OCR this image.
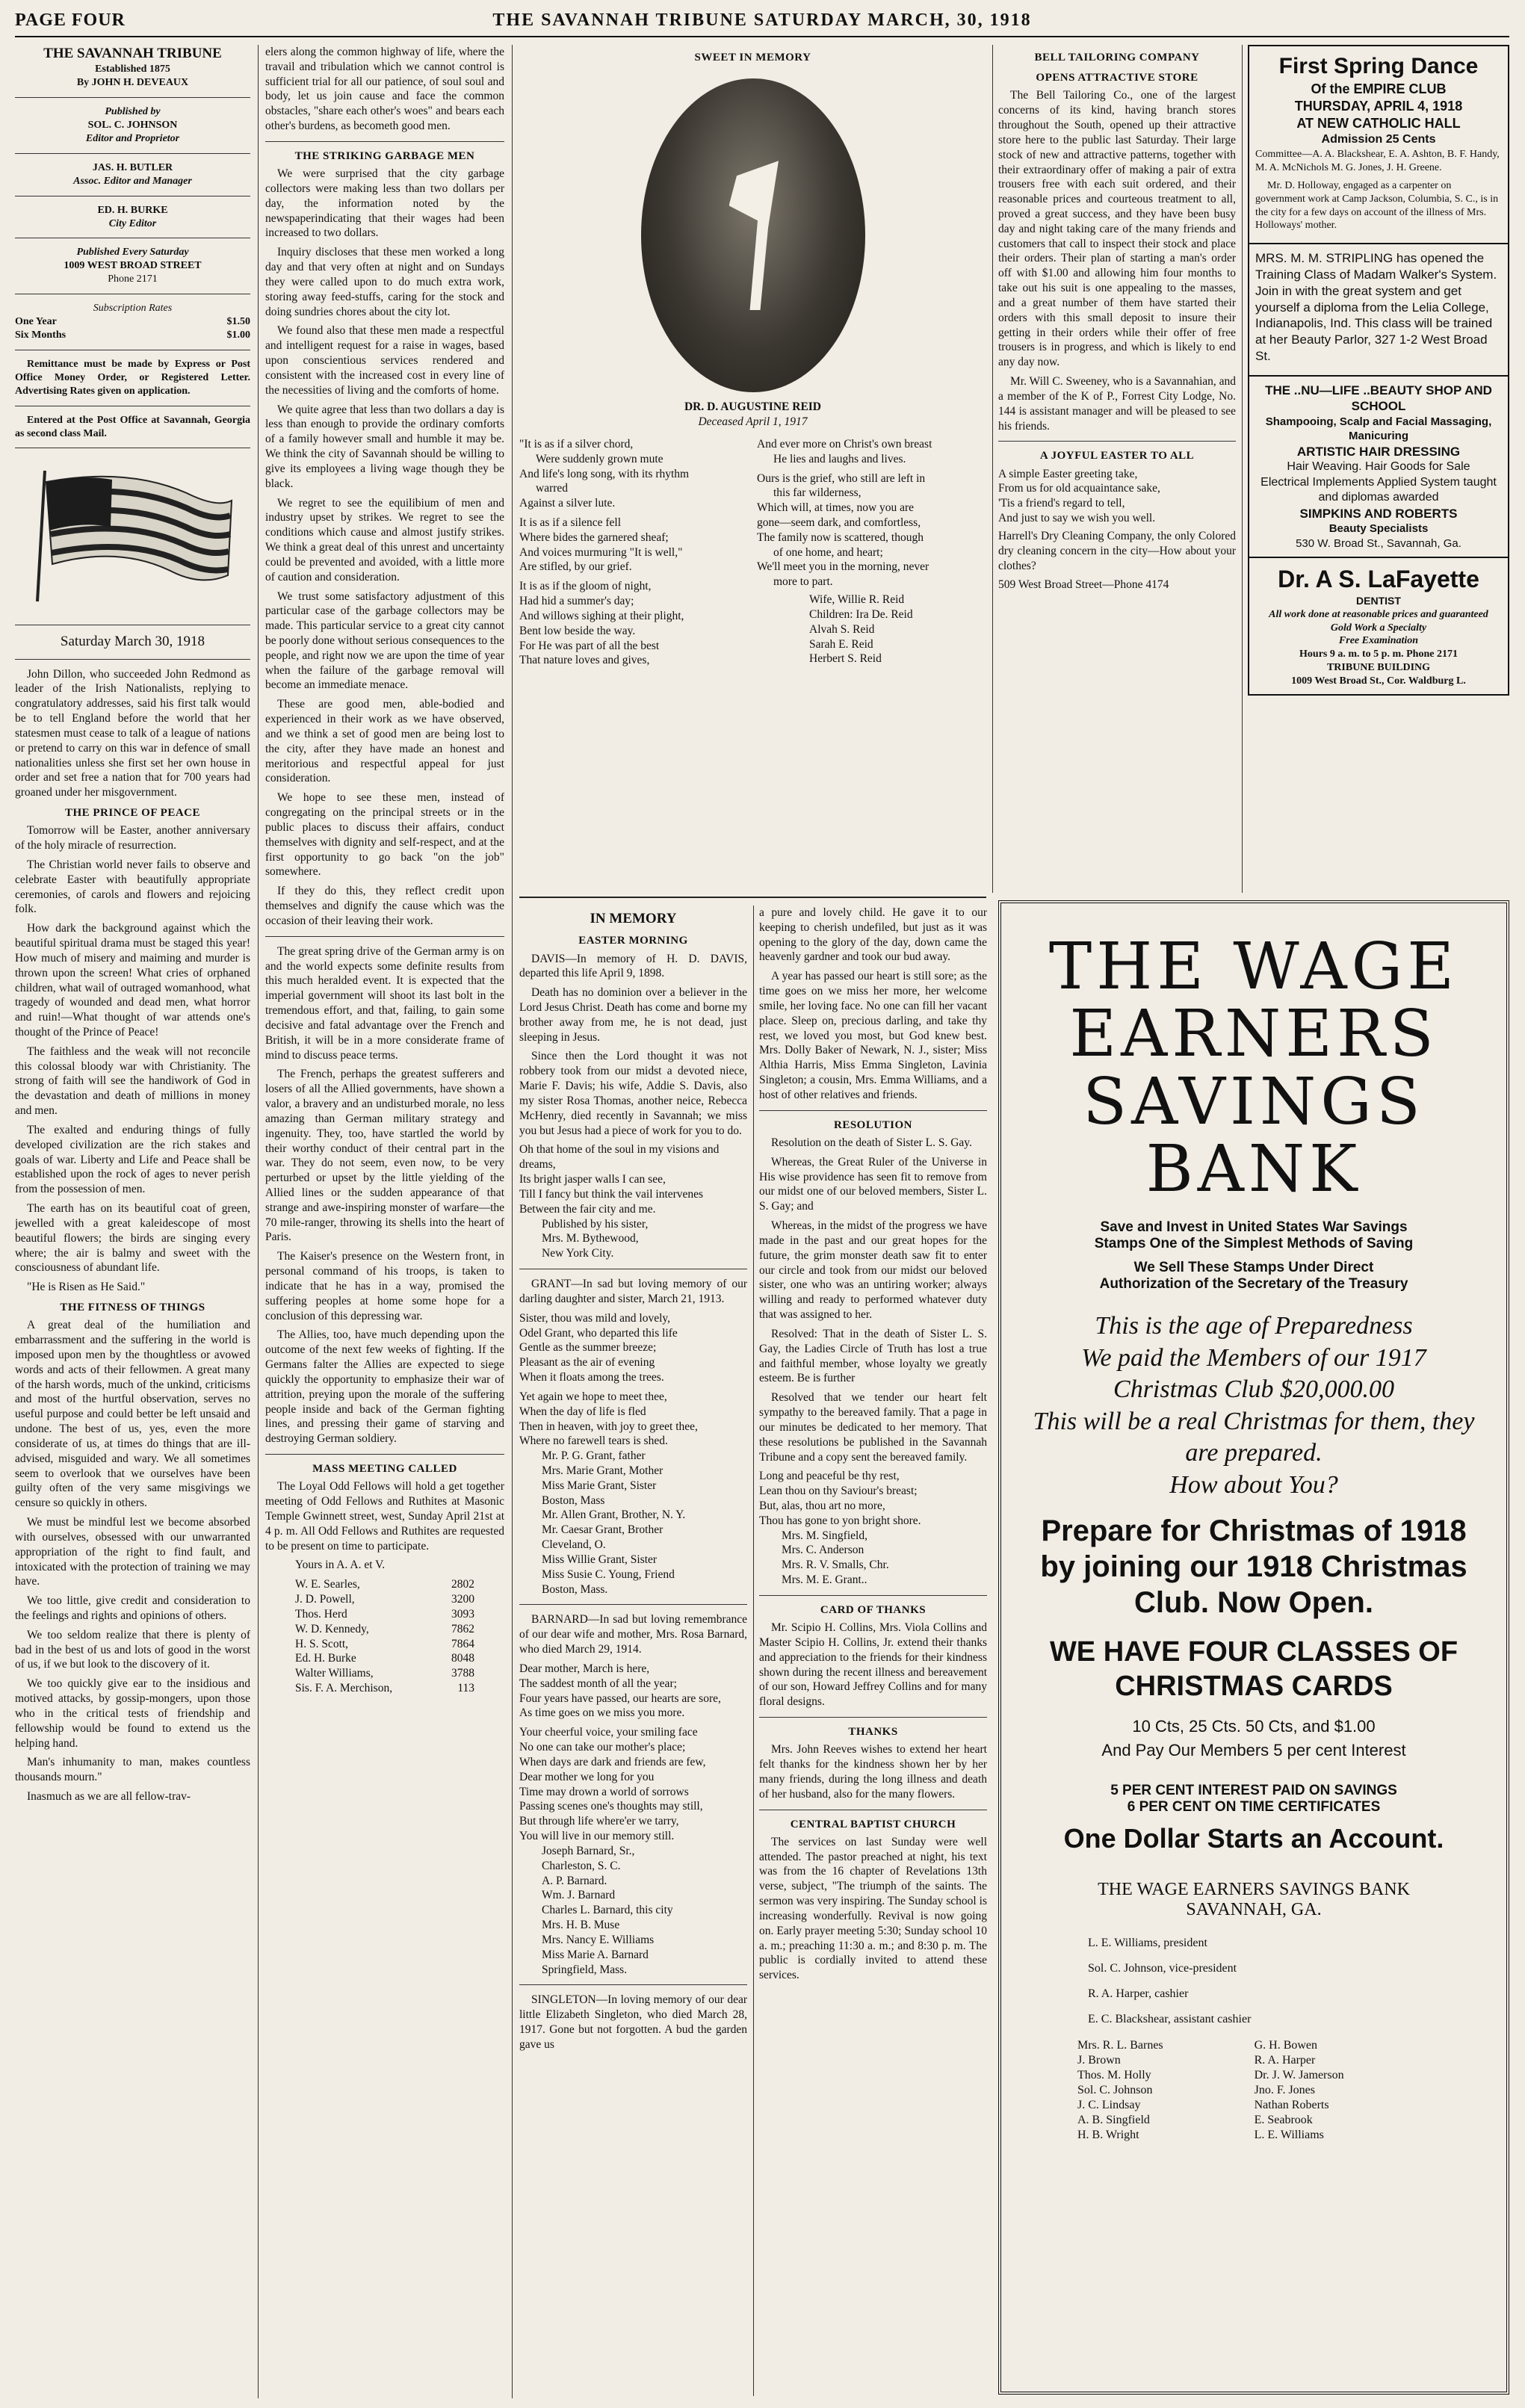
PAGE FOUR	THE SAVANNAH TRIBUNE SATURDAY MARCH, 30, 1918
THE SAVANNAH TRIBUNE
Established 1875
By JOHN H. DEVEAUX
Published by
SOL. C. JOHNSON
Editor and Proprietor
JAS. H. BUTLER
Assoc. Editor and Manager
ED. H. BURKE
City Editor
Published Every Saturday
1009 WEST BROAD STREET
Phone 2171
Subscription Rates
One Year	$1.50
Six Months	$1.00
Remittance must be made by Express or Post Office Money Order, or Registered Letter. Advertising Rates given on application.
Entered at the Post Office at Savannah, Georgia as second class Mail.
Saturday March 30, 1918

John Dillon, who succeeded John Redmond as leader of the Irish Nationalists, replying to congratulatory addresses, said his first talk would be to tell England before the world that her statesmen must cease to talk of a league of nations or pretend to carry on this war in defence of small nationalities unless she first set her own house in order and set free a nation that for 700 years had groaned under her misgovernment.

THE PRINCE OF PEACE

Tomorrow will be Easter, another anniversary of the holy miracle of resurrection.

The Christian world never fails to observe and celebrate Easter with beautifully appropriate ceremonies, of carols and flowers and rejoicing folk.

How dark the background against which the beautiful spiritual drama must be staged this year! How much of misery and maiming and murder is thrown upon the screen! What cries of orphaned children, what wail of outraged womanhood, what tragedy of wounded and dead men, what horror and ruin!—What thought of war attends one's thought of the Prince of Peace!

The faithless and the weak will not reconcile this colossal bloody war with Christianity. The strong of faith will see the handiwork of God in the devastation and death of millions in money and men.

The exalted and enduring things of fully developed civilization are the rich stakes and goals of war. Liberty and Life and Peace shall be established upon the rock of ages to never perish from the possession of men.

The earth has on its beautiful coat of green, jewelled with a great kaleidescope of most beautiful flowers; the birds are singing every where; the air is balmy and sweet with the consciousness of abundant life.

"He is Risen as He Said."

THE FITNESS OF THINGS

A great deal of the humiliation and embarrassment and the suffering in the world is imposed upon men by the thoughtless or avowed words and acts of their fellowmen. A great many of the harsh words, much of the unkind, criticisms and most of the hurtful observation, serves no useful purpose and could better be left unsaid and undone. The best of us, yes, even the more considerate of us, at times do things that are ill-advised, misguided and wary. We all sometimes seem to overlook that we ourselves have been guilty often of the very same misgivings we censure so quickly in others.

We must be mindful lest we become absorbed with ourselves, obsessed with our unwarranted appropriation of the right to find fault, and intoxicated with the protection of training we may have.

We too little, give credit and consideration to the feelings and rights and opinions of others.

We too seldom realize that there is plenty of bad in the best of us and lots of good in the worst of us, if we but look to the discovery of it.

We too quickly give ear to the insidious and motived attacks, by gossip-mongers, upon those who in the critical tests of friendship and fellowship would be found to extend us the helping hand.

Man's inhumanity to man, makes countless thousands mourn."

Inasmuch as we are all fellow-trav-

elers along the common highway of life, where the travail and tribulation which we cannot control is sufficient trial for all our patience, of soul soul and body, let us join cause and face the common obstacles, "share each other's woes" and bears each other's burdens, as becometh good men.

THE STRIKING GARBAGE MEN

We were surprised that the city garbage collectors were making less than two dollars per day, the information noted by the newspaperindicating that their wages had been increased to two dollars.

Inquiry discloses that these men worked a long day and that very often at night and on Sundays they were called upon to do much extra work, storing away feed-stuffs, caring for the stock and doing sundries chores about the city lot.

We found also that these men made a respectful and intelligent request for a raise in wages, based upon conscientious services rendered and consistent with the increased cost in every line of the necessities of living and the comforts of home.

We quite agree that less than two dollars a day is less than enough to provide the ordinary comforts of a family however small and humble it may be. We think the city of Savannah should be willing to give its employees a living wage though they be black.

We regret to see the equilibium of men and industry upset by strikes. We regret to see the conditions which cause and almost justify strikes. We think a great deal of this unrest and uncertainty could be prevented and avoided, with a little more of caution and consideration.

We trust some satisfactory adjustment of this particular case of the garbage collectors may be made. This particular service to a great city cannot be poorly done without serious consequences to the people, and right now we are upon the time of year when the failure of the garbage removal will become an immediate menace.

These are good men, able-bodied and experienced in their work as we have observed, and we think a set of good men are being lost to the city, after they have made an honest and meritorious and respectful appeal for just consideration.

We hope to see these men, instead of congregating on the principal streets or in the public places to discuss their affairs, conduct themselves with dignity and self-respect, and at the first opportunity to go back "on the job" somewhere.

If they do this, they reflect credit upon themselves and dignify the cause which was the occasion of their leaving their work.

The great spring drive of the German army is on and the world expects some definite results from this much heralded event. It is expected that the imperial government will shoot its last bolt in the tremendous effort, and that, failing, to gain some decisive and fatal advantage over the French and British, it will be in a more considerate frame of mind to discuss peace terms.

The French, perhaps the greatest sufferers and losers of all the Allied governments, have shown a valor, a bravery and an undisturbed morale, no less amazing than German military strategy and ingenuity. They, too, have startled the world by their worthy conduct of their central part in the war. They do not seem, even now, to be very perturbed or upset by the little yielding of the Allied lines or the sudden appearance of that strange and awe-inspiring monster of warfare—the 70 mile-ranger, throwing its shells into the heart of Paris.

The Kaiser's presence on the Western front, in personal command of his troops, is taken to indicate that he has in a way, promised the suffering peoples at home some hope for a conclusion of this depressing war.

The Allies, too, have much depending upon the outcome of the next few weeks of fighting. If the Germans falter the Allies are expected to siege quickly the opportunity to emphasize their war of attrition, preying upon the morale of the suffering people inside and back of the German fighting lines, and pressing their game of starving and destroying German soldiery.

MASS MEETING CALLED

The Loyal Odd Fellows will hold a get together meeting of Odd Fellows and Ruthites at Masonic Temple Gwinnett street, west, Sunday April 21st at 4 p. m. All Odd Fellows and Ruthites are requested to be present on time to participate.

Yours in A. A. et V.

W. E. Searles,	2802
J. D. Powell,	3200
Thos. Herd	3093
W. D. Kennedy,	7862
H. S. Scott,	7864
Ed. H. Burke	8048
Walter Williams,	3788
Sis. F. A. Merchison,	113
SWEET IN MEMORY
DR. D. AUGUSTINE REID
Deceased April 1, 1917

"It is as if a silver chord,

Were suddenly grown mute

And life's long song, with its rhythm

warred

Against a silver lute.

It is as if a silence fell

Where bides the garnered sheaf;

And voices murmuring "It is well,"

Are stifled, by our grief.

It is as if the gloom of night,

Had hid a summer's day;

And willows sighing at their plight,

Bent low beside the way.

For He was part of all the best

That nature loves and gives,

And ever more on Christ's own breast

He lies and laughs and lives.

Ours is the grief, who still are left in

this far wilderness,

Which will, at times, now you are

gone—seem dark, and comfortless,

The family now is scattered, though

of one home, and heart;

We'll meet you in the morning, never

more to part.

Wife, Willie R. Reid

Children: Ira De. Reid

Alvah S. Reid

Sarah E. Reid

Herbert S. Reid

IN MEMORY
EASTER MORNING

DAVIS—In memory of H. D. DAVIS, departed this life April 9, 1898.

Death has no dominion over a believer in the Lord Jesus Christ. Death has come and borne my brother away from me, he is not dead, just sleeping in Jesus.

Since then the Lord thought it was not robbery took from our midst a devoted niece, Marie F. Davis; his wife, Addie S. Davis, also my sister Rosa Thomas, another neice, Rebecca McHenry, died recently in Savannah; we miss you but Jesus had a piece of work for you to do.

Oh that home of the soul in my visions and dreams,

Its bright jasper walls I can see,

Till I fancy but think the vail intervenes

Between the fair city and me.

Published by his sister,

Mrs. M. Bythewood,

New York City.

GRANT—In sad but loving memory of our darling daughter and sister, March 21, 1913.

Sister, thou was mild and lovely,

Odel Grant, who departed this life

Gentle as the summer breeze;

Pleasant as the air of evening

When it floats among the trees.

Yet again we hope to meet thee,

When the day of life is fled

Then in heaven, with joy to greet thee,

Where no farewell tears is shed.

Mr. P. G. Grant, father

Mrs. Marie Grant, Mother

Miss Marie Grant, Sister

Boston, Mass

Mr. Allen Grant, Brother, N. Y.

Mr. Caesar Grant, Brother

Cleveland, O.

Miss Willie Grant, Sister

Miss Susie C. Young, Friend

Boston, Mass.

BARNARD—In sad but loving remembrance of our dear wife and mother, Mrs. Rosa Barnard, who died March 29, 1914.

Dear mother, March is here,

The saddest month of all the year;

Four years have passed, our hearts are sore,

As time goes on we miss you more.

Your cheerful voice, your smiling face

No one can take our mother's place;

When days are dark and friends are few,

Dear mother we long for you

Time may drown a world of sorrows

Passing scenes one's thoughts may still,

But through life where'er we tarry,

You will live in our memory still.

Joseph Barnard, Sr.,

Charleston, S. C.

A. P. Barnard.

Wm. J. Barnard

Charles L. Barnard, this city

Mrs. H. B. Muse

Mrs. Nancy E. Williams

Miss Marie A. Barnard

Springfield, Mass.

SINGLETON—In loving memory of our dear little Elizabeth Singleton, who died March 28, 1917. Gone but not forgotten. A bud the garden gave us

a pure and lovely child. He gave it to our keeping to cherish undefiled, but just as it was opening to the glory of the day, down came the heavenly gardner and took our bud away.

A year has passed our heart is still sore; as the time goes on we miss her more, her welcome smile, her loving face. No one can fill her vacant place. Sleep on, precious darling, and take thy rest, we loved you most, but God knew best. Mrs. Dolly Baker of Newark, N. J., sister; Miss Althia Harris, Miss Emma Singleton, Lavinia Singleton; a cousin, Mrs. Emma Williams, and a host of other relatives and friends.

RESOLUTION

Resolution on the death of Sister L. S. Gay.

Whereas, the Great Ruler of the Universe in His wise providence has seen fit to remove from our midst one of our beloved members, Sister L. S. Gay; and

Whereas, in the midst of the progress we have made in the past and our great hopes for the future, the grim monster death saw fit to enter our circle and took from our midst our beloved sister, one who was an untiring worker; always willing and ready to performed whatever duty that was assigned to her.

Resolved: That in the death of Sister L. S. Gay, the Ladies Circle of Truth has lost a true and faithful member, whose loyalty we greatly esteem. Be is further

Resolved that we tender our heart felt sympathy to the bereaved family. That a page in our minutes be dedicated to her memory. That these resolutions be published in the Savannah Tribune and a copy sent the bereaved family.

Long and peaceful be thy rest,

Lean thou on thy Saviour's breast;

But, alas, thou art no more,

Thou has gone to yon bright shore.

Mrs. M. Singfield,

Mrs. C. Anderson

Mrs. R. V. Smalls, Chr.

Mrs. M. E. Grant..

CARD OF THANKS

Mr. Scipio H. Collins, Mrs. Viola Collins and Master Scipio H. Collins, Jr. extend their thanks and appreciation to the friends for their kindness shown during the recent illness and bereavement of our son, Howard Jeffrey Collins and for many floral designs.

THANKS

Mrs. John Reeves wishes to extend her heart felt thanks for the kindness shown her by her many friends, during the long illness and death of her husband, also for the many flowers.

CENTRAL BAPTIST CHURCH

The services on last Sunday were well attended. The pastor preached at night, his text was from the 16 chapter of Revelations 13th verse, subject, "The triumph of the saints. The sermon was very inspiring. The Sunday school is increasing wonderfully. Revival is now going on. Early prayer meeting 5:30; Sunday school 10 a. m.; preaching 11:30 a. m.; and 8:30 p. m. The public is cordially invited to attend these services.

BELL TAILORING COMPANY
OPENS ATTRACTIVE STORE

The Bell Tailoring Co., one of the largest concerns of its kind, having branch stores throughout the South, opened up their attractive store here to the public last Saturday. Their large stock of new and attractive patterns, together with their extraordinary offer of making a pair of extra trousers free with each suit ordered, and their reasonable prices and courteous treatment to all, proved a great success, and they have been busy day and night taking care of the many friends and customers that call to inspect their stock and place their orders. Their plan of starting a man's order off with $1.00 and allowing him four months to take out his suit is one appealing to the masses, and a great number of them have started their orders with this small deposit to insure their getting in their orders while their offer of free trousers is in progress, and which is likely to end any day now.

Mr. Will C. Sweeney, who is a Savannahian, and a member of the K of P., Forrest City Lodge, No. 144 is assistant manager and will be pleased to see his friends.

A JOYFUL EASTER TO ALL

A simple Easter greeting take,

From us for old acquaintance sake,

'Tis a friend's regard to tell,

And just to say we wish you well.

Harrell's Dry Cleaning Company, the only Colored dry cleaning concern in the city—How about your clothes?

509 West Broad Street—Phone 4174

First Spring Dance
Of the EMPIRE CLUB
THURSDAY, APRIL 4, 1918
AT NEW CATHOLIC HALL
Admission 25 Cents

Committee—A. A. Blackshear, E. A. Ashton, B. F. Handy, M. A. McNichols M. G. Jones, J. H. Greene.

Mr. D. Holloway, engaged as a carpenter on government work at Camp Jackson, Columbia, S. C., is in the city for a few days on account of the illness of Mrs. Holloways' mother.

MRS. M. M. STRIPLING has opened the Training Class of Madam Walker's System. Join in with the great system and get yourself a diploma from the Lelia College, Indianapolis, Ind. This class will be trained at her Beauty Parlor, 327 1-2 West Broad St.

THE ..NU—LIFE ..BEAUTY SHOP AND SCHOOL
Shampooing, Scalp and Facial Massaging, Manicuring
ARTISTIC HAIR DRESSING
Hair Weaving. Hair Goods for Sale
Electrical Implements Applied System taught and diplomas awarded
SIMPKINS AND ROBERTS
Beauty Specialists
530 W. Broad St., Savannah, Ga.
Dr. A S. LaFayette
DENTIST
All work done at reasonable prices and guaranteed
Gold Work a Specialty
Free Examination
Hours 9 a. m. to 5 p. m. Phone 2171
TRIBUNE BUILDING
1009 West Broad St., Cor. Waldburg L.
THE WAGE
EARNERS
SAVINGS
BANK
Save and Invest in United States War Savings Stamps One of the Simplest Methods of Saving
We Sell These Stamps Under Direct Authorization of the Secretary of the Treasury
This is the age of Preparedness
We paid the Members of our 1917 Christmas Club $20,000.00
This will be a real Christmas for them, they are prepared.
How about You?
Prepare for Christmas of 1918 by joining our 1918 Christmas Club. Now Open.
WE HAVE FOUR CLASSES OF CHRISTMAS CARDS
10 Cts, 25 Cts. 50 Cts, and $1.00
And Pay Our Members 5 per cent Interest
5 PER CENT INTEREST PAID ON SAVINGS
6 PER CENT ON TIME CERTIFICATES
One Dollar Starts an Account.
THE WAGE EARNERS SAVINGS BANK
SAVANNAH, GA.

L. E. Williams, president

Sol. C. Johnson, vice-president

R. A. Harper, cashier

E. C. Blackshear, assistant cashier

Mrs. R. L. Barnes	G. H. Bowen
J. Brown	R. A. Harper
Thos. M. Holly	Dr. J. W. Jamerson
Sol. C. Johnson	Jno. F. Jones
J. C. Lindsay	Nathan Roberts
A. B. Singfield	E. Seabrook
H. B. Wright	L. E. Williams
